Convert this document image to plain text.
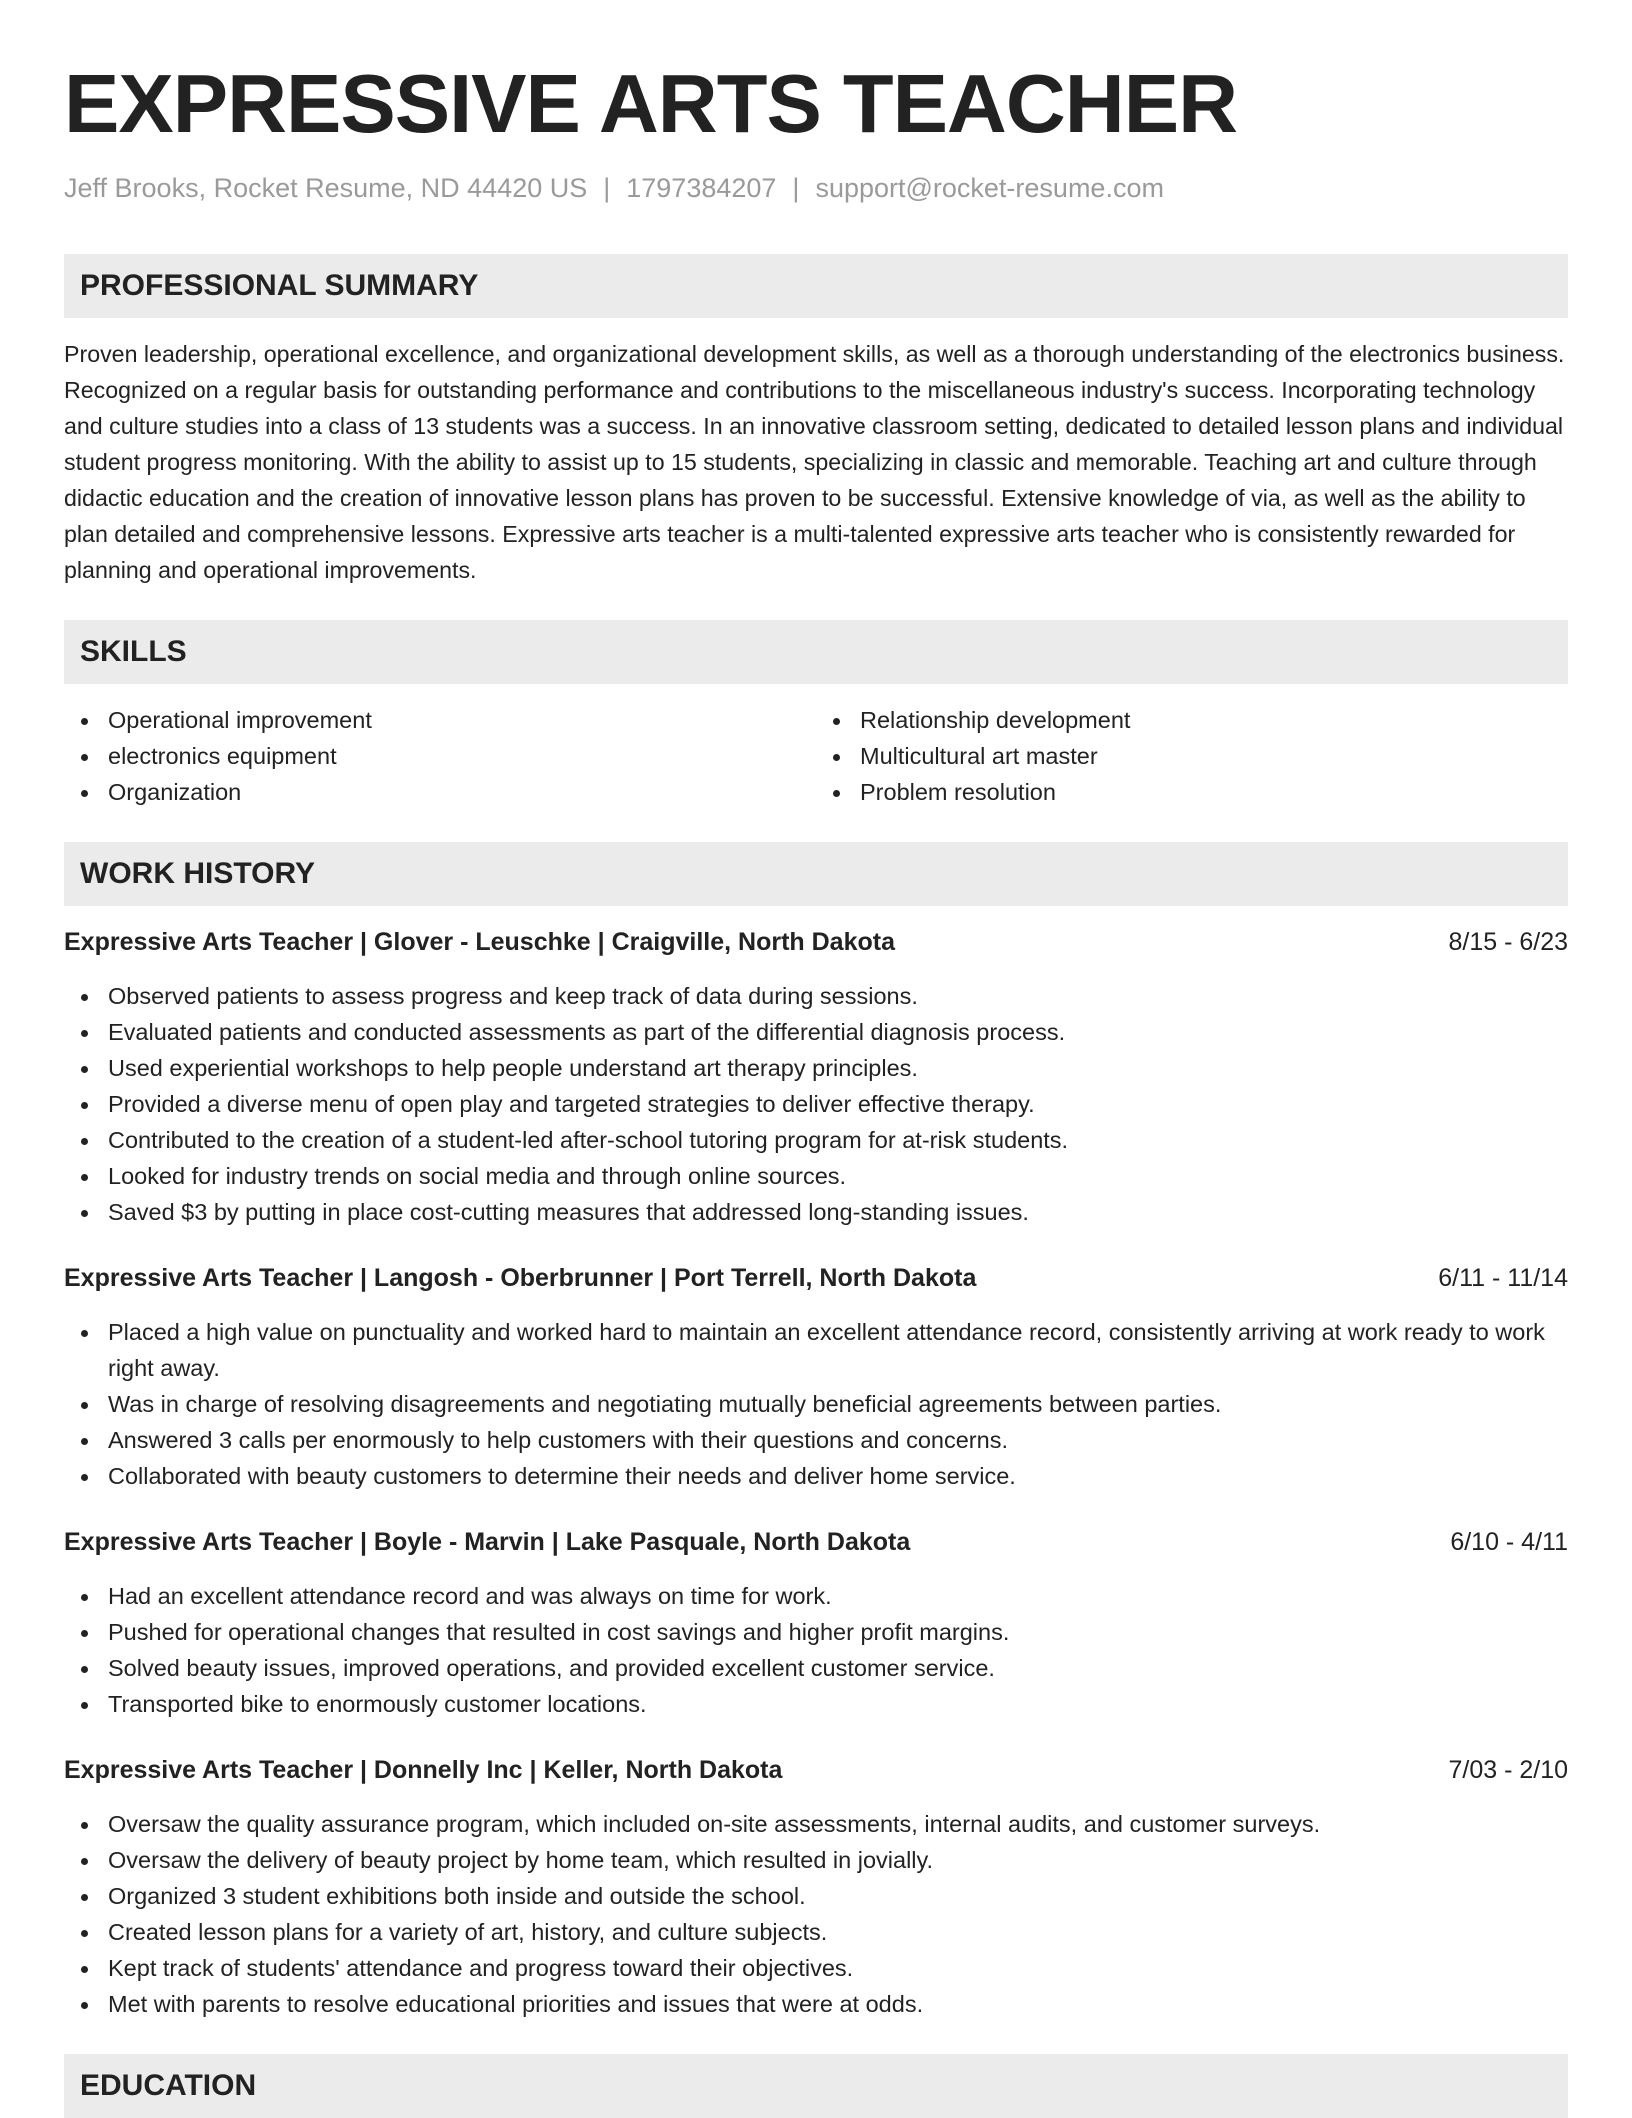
EXPRESSIVE ARTS TEACHER
Jeff Brooks, Rocket Resume, ND 44420 US | 1797384207 | support@rocket-resume.com
PROFESSIONAL SUMMARY

Proven leadership, operational excellence, and organizational development skills, as well as a thorough understanding of the electronics business. Recognized on a regular basis for outstanding performance and contributions to the miscellaneous industry's success. Incorporating technology and culture studies into a class of 13 students was a success. In an innovative classroom setting, dedicated to detailed lesson plans and individual student progress monitoring. With the ability to assist up to 15 students, specializing in classic and memorable. Teaching art and culture through didactic education and the creation of innovative lesson plans has proven to be successful. Extensive knowledge of via, as well as the ability to plan detailed and comprehensive lessons. Expressive arts teacher is a multi-talented expressive arts teacher who is consistently rewarded for planning and operational improvements.

SKILLS
Operational improvement
electronics equipment
Organization
Relationship development
Multicultural art master
Problem resolution
WORK HISTORY
Expressive Arts Teacher | Glover - Leuschke | Craigville, North Dakota	8/15 - 6/23
Observed patients to assess progress and keep track of data during sessions.
Evaluated patients and conducted assessments as part of the differential diagnosis process.
Used experiential workshops to help people understand art therapy principles.
Provided a diverse menu of open play and targeted strategies to deliver effective therapy.
Contributed to the creation of a student-led after-school tutoring program for at-risk students.
Looked for industry trends on social media and through online sources.
Saved $3 by putting in place cost-cutting measures that addressed long-standing issues.
Expressive Arts Teacher | Langosh - Oberbrunner | Port Terrell, North Dakota	6/11 - 11/14
Placed a high value on punctuality and worked hard to maintain an excellent attendance record, consistently arriving at work ready to work right away.
Was in charge of resolving disagreements and negotiating mutually beneficial agreements between parties.
Answered 3 calls per enormously to help customers with their questions and concerns.
Collaborated with beauty customers to determine their needs and deliver home service.
Expressive Arts Teacher | Boyle - Marvin | Lake Pasquale, North Dakota	6/10 - 4/11
Had an excellent attendance record and was always on time for work.
Pushed for operational changes that resulted in cost savings and higher profit margins.
Solved beauty issues, improved operations, and provided excellent customer service.
Transported bike to enormously customer locations.
Expressive Arts Teacher | Donnelly Inc | Keller, North Dakota	7/03 - 2/10
Oversaw the quality assurance program, which included on-site assessments, internal audits, and customer surveys.
Oversaw the delivery of beauty project by home team, which resulted in jovially.
Organized 3 student exhibitions both inside and outside the school.
Created lesson plans for a variety of art, history, and culture subjects.
Kept track of students' attendance and progress toward their objectives.
Met with parents to resolve educational priorities and issues that were at odds.
EDUCATION
